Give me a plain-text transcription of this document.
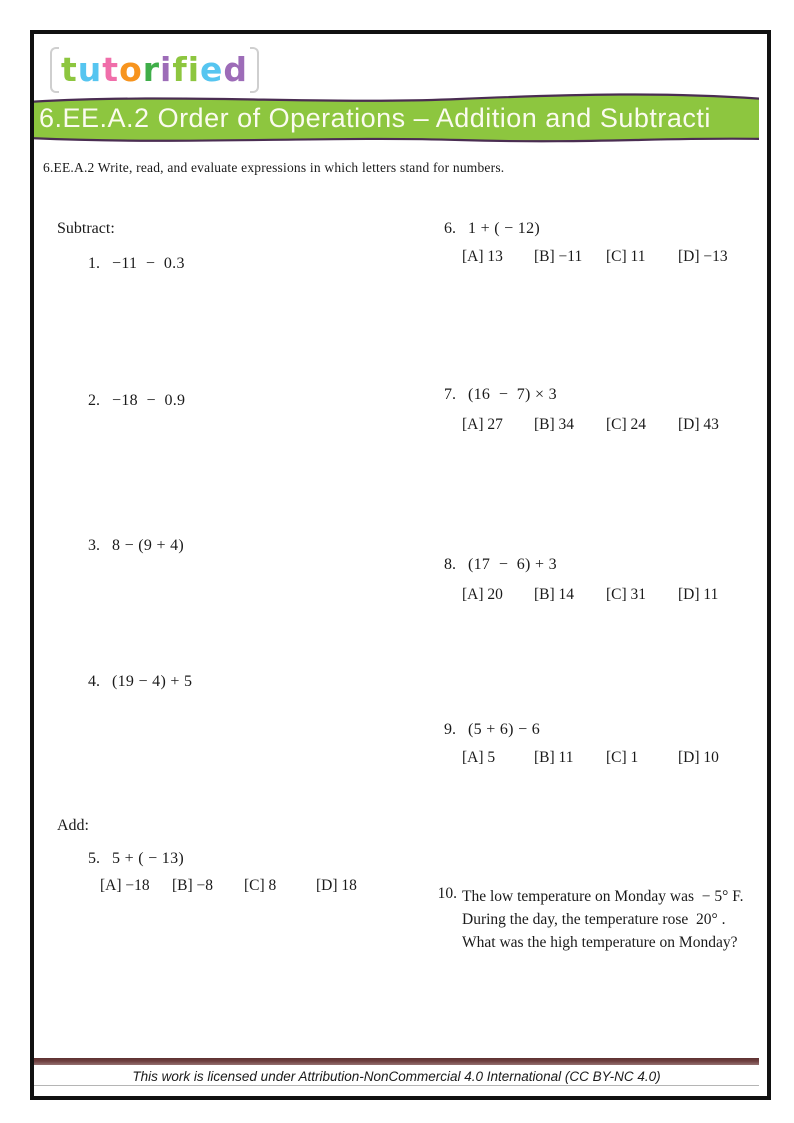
t u t o r i f i e d
6.EE.A.2 Order of Operations – Addition and Subtracti
6.EE.A.2 Write, read, and evaluate expressions in which letters stand for numbers.
Subtract:
1. −11  −  0.3
2. −18  −  0.9
3. 8 − (9 + 4)
4. (19 − 4) + 5
Add:
5. 5 + ( − 13)
[A] −18 [B] −8 [C] 8	[D] 18
6. 1 + ( − 12)
[A] 13 [B] −11 [C] 11 [D] −13
7. (16  −  7) × 3
[A] 27 [B] 34 [C] 24 [D] 43
8. (17  −  6) + 3
[A] 20 [B] 14 [C] 31 [D] 11
9. (5 + 6) − 6
[A] 5	[B] 11 [C] 1	[D] 10
10. The low temperature on Monday was  − 5° F.
During the day, the temperature rose  20° .
What was the high temperature on Monday?
This work is licensed under Attribution-NonCommercial 4.0 International (CC BY-NC 4.0)
